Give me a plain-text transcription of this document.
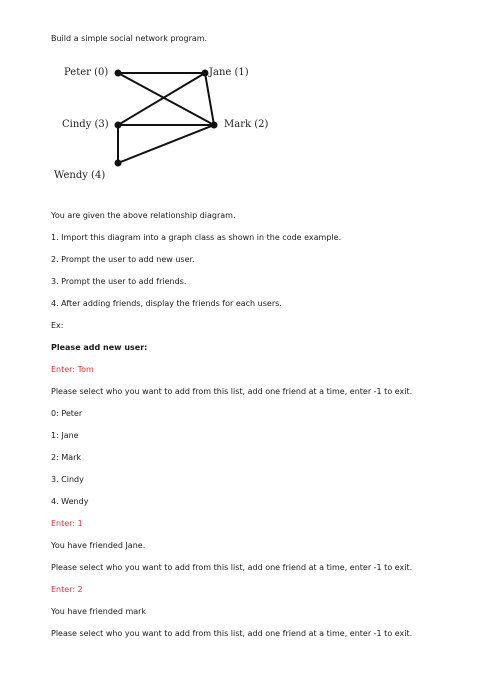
Build a simple social network program.
Peter (0)	Jane (1)
Mark (2)
Cindy (3)
Wendy (4)
You are given the above relationship diagram.
1. Import this diagram into a graph class as shown in the code example.
2. Prompt the user to add new user.
3. Prompt the user to add friends.
4. After adding friends, display the friends for each users.
Ex:
Please add new user:
Enter: Tom
Please select who you want to add from this list, add one friend at a time, enter -1 to exit.
0: Peter
1: Jane
2: Mark
3. Cindy
4. Wendy
Enter: 1
You have friended Jane.
Please select who you want to add from this list, add one friend at a time, enter -1 to exit.
Enter: 2
You have friended mark
Please select who you want to add from this list, add one friend at a time, enter -1 to exit.
